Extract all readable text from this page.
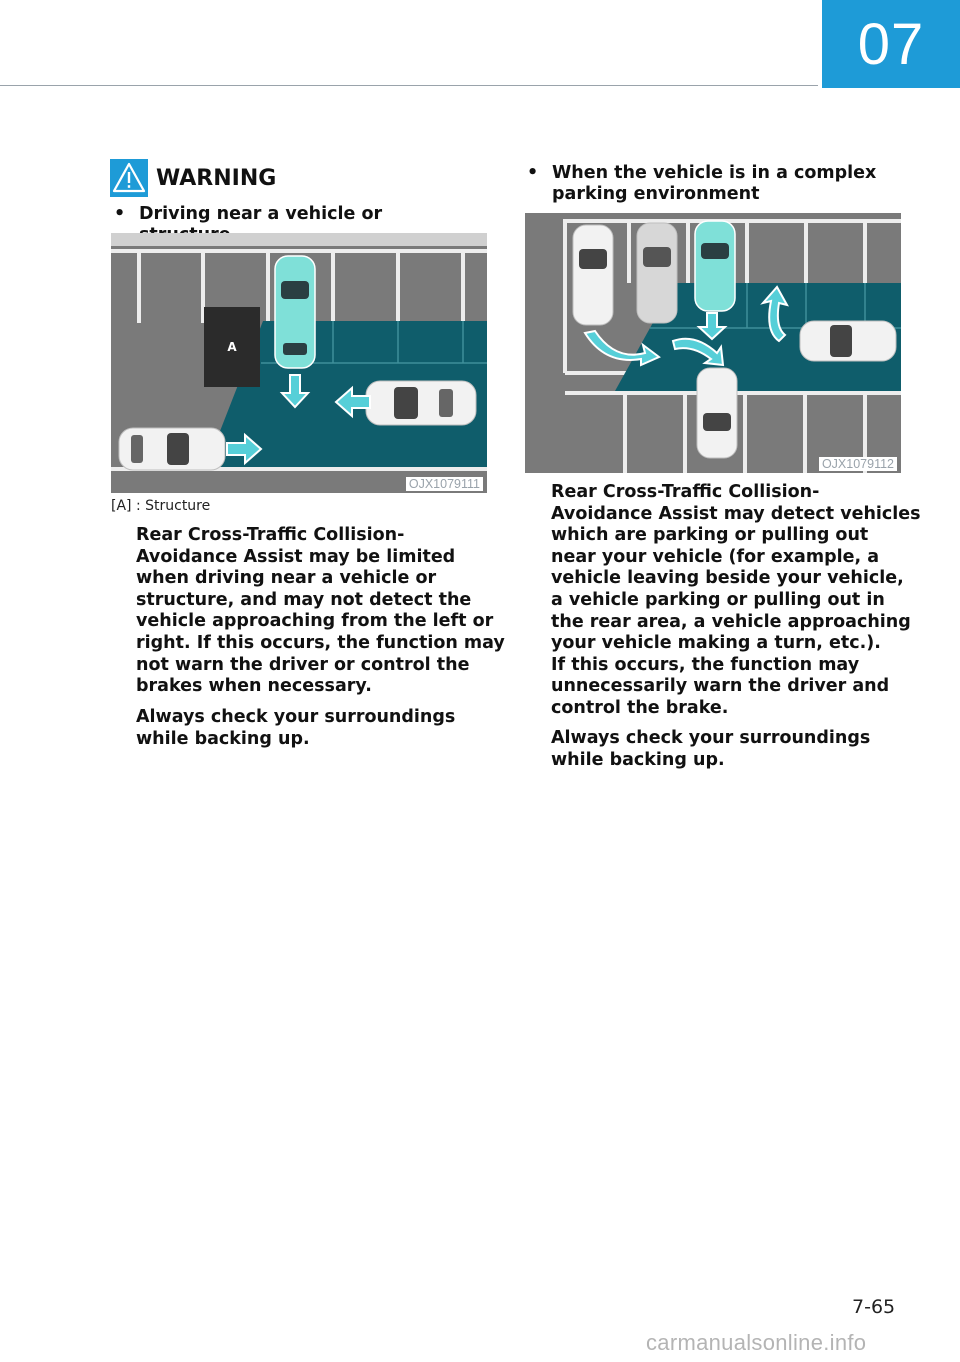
07
WARNING
• Driving near a vehicle or
A
OJX1079111
[A] : Structure
Rear Cross-Traffic Collision-
Avoidance Assist may be limited
when driving near a vehicle or
structure, and may not detect the
vehicle approaching from the left or
right. If this occurs, the function may
not warn the driver or control the
brakes when necessary.
Always check your surroundings
while backing up.
• When the vehicle is in a complex
parking environment
OJX1079112
Rear Cross-Traffic Collision-
Avoidance Assist may detect vehicles
which are parking or pulling out
near your vehicle (for example, a
vehicle leaving beside your vehicle,
a vehicle parking or pulling out in
the rear area, a vehicle approaching
your vehicle making a turn, etc.).
If this occurs, the function may
unnecessarily warn the driver and
control the brake.
Always check your surroundings
while backing up.
7-65
carmanualsonline.info
